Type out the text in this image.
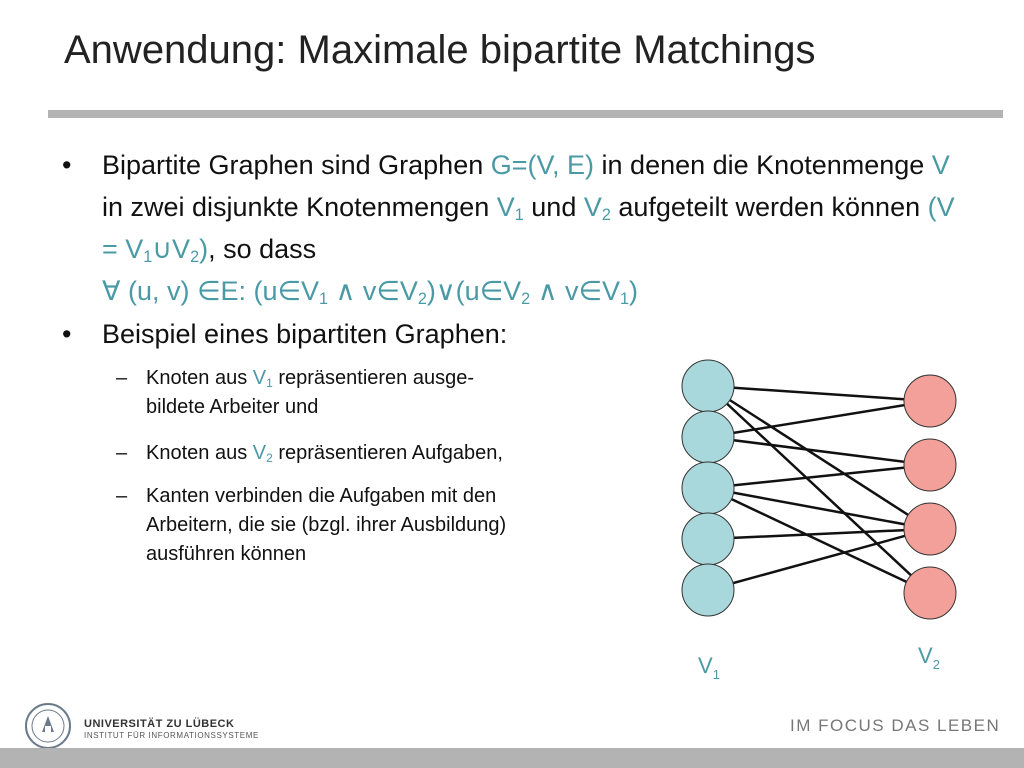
Anwendung: Maximale bipartite Matchings
• Bipartite Graphen sind Graphen G=(V, E) in denen die Knotenmenge V in zwei disjunkte Knotenmengen $V_1$ und $V_2$ aufgeteilt werden können $(V = V_1\cup V_2)$, so dass
∀ (u, v) ∈E: ($u\in V_1$ ∧ $v\in V_2)\vee(u\in V_2$ ∧ $v\in V_1$)
• Beispiel eines bipartiten Graphen:
– Knoten aus $V_1$ repräsentieren ausge-
bildete Arbeiter und
– Knoten aus $V_2$ repräsentieren Aufgaben,
– Kanten verbinden die Aufgaben mit den
Arbeitern, die sie (bzgl. ihrer Ausbildung)
ausführen können
$V_1$
$V_2$
UNIVERSITÄT ZU LÜBECK
INSTITUT FÜR INFORMATIONSSYSTEME
IM FOCUS DAS LEBEN
